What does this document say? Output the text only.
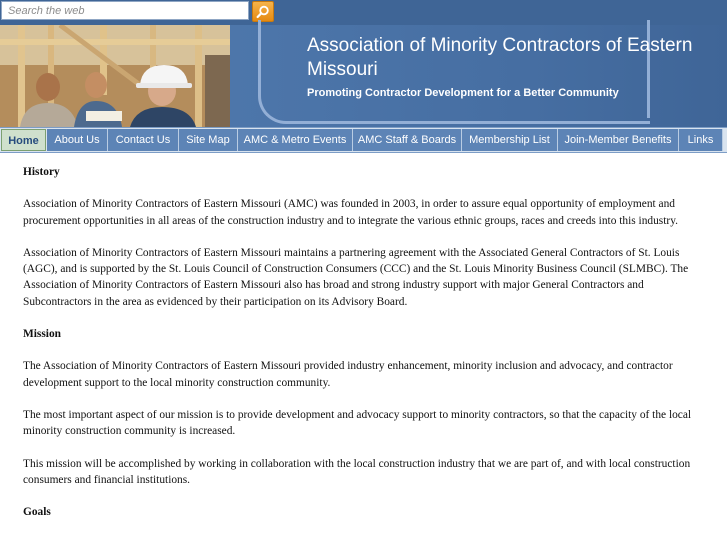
Search the web
Association of Minority Contractors of Eastern Missouri
Promoting Contractor Development for a Better Community
Home	About Us	Contact Us	Site Map	AMC & Metro Events	AMC Staff & Boards	Membership List	Join-Member Benefits	Links
History

Association of Minority Contractors of Eastern Missouri (AMC) was founded in 2003, in order to assure equal opportunity of employment and procurement opportunities in all areas of the construction industry and to integrate the various ethnic groups, races and creeds into this industry.

Association of Minority Contractors of Eastern Missouri maintains a partnering agreement with the Associated General Contractors of St. Louis (AGC), and is supported by the St. Louis Council of Construction Consumers (CCC) and the St. Louis Minority Business Council (SLMBC). The Association of Minority Contractors of Eastern Missouri also has broad and strong industry support with major General Contractors and Subcontractors in the area as evidenced by their participation on its Advisory Board.

Mission

The Association of Minority Contractors of Eastern Missouri provided industry enhancement, minority inclusion and advocacy, and contractor development support to the local minority construction community.

The most important aspect of our mission is to provide development and advocacy support to minority contractors, so that the capacity of the local minority construction community is increased.

This mission will be accomplished by working in collaboration with the local construction industry that we are part of, and with local construction consumers and financial institutions.

Goals
